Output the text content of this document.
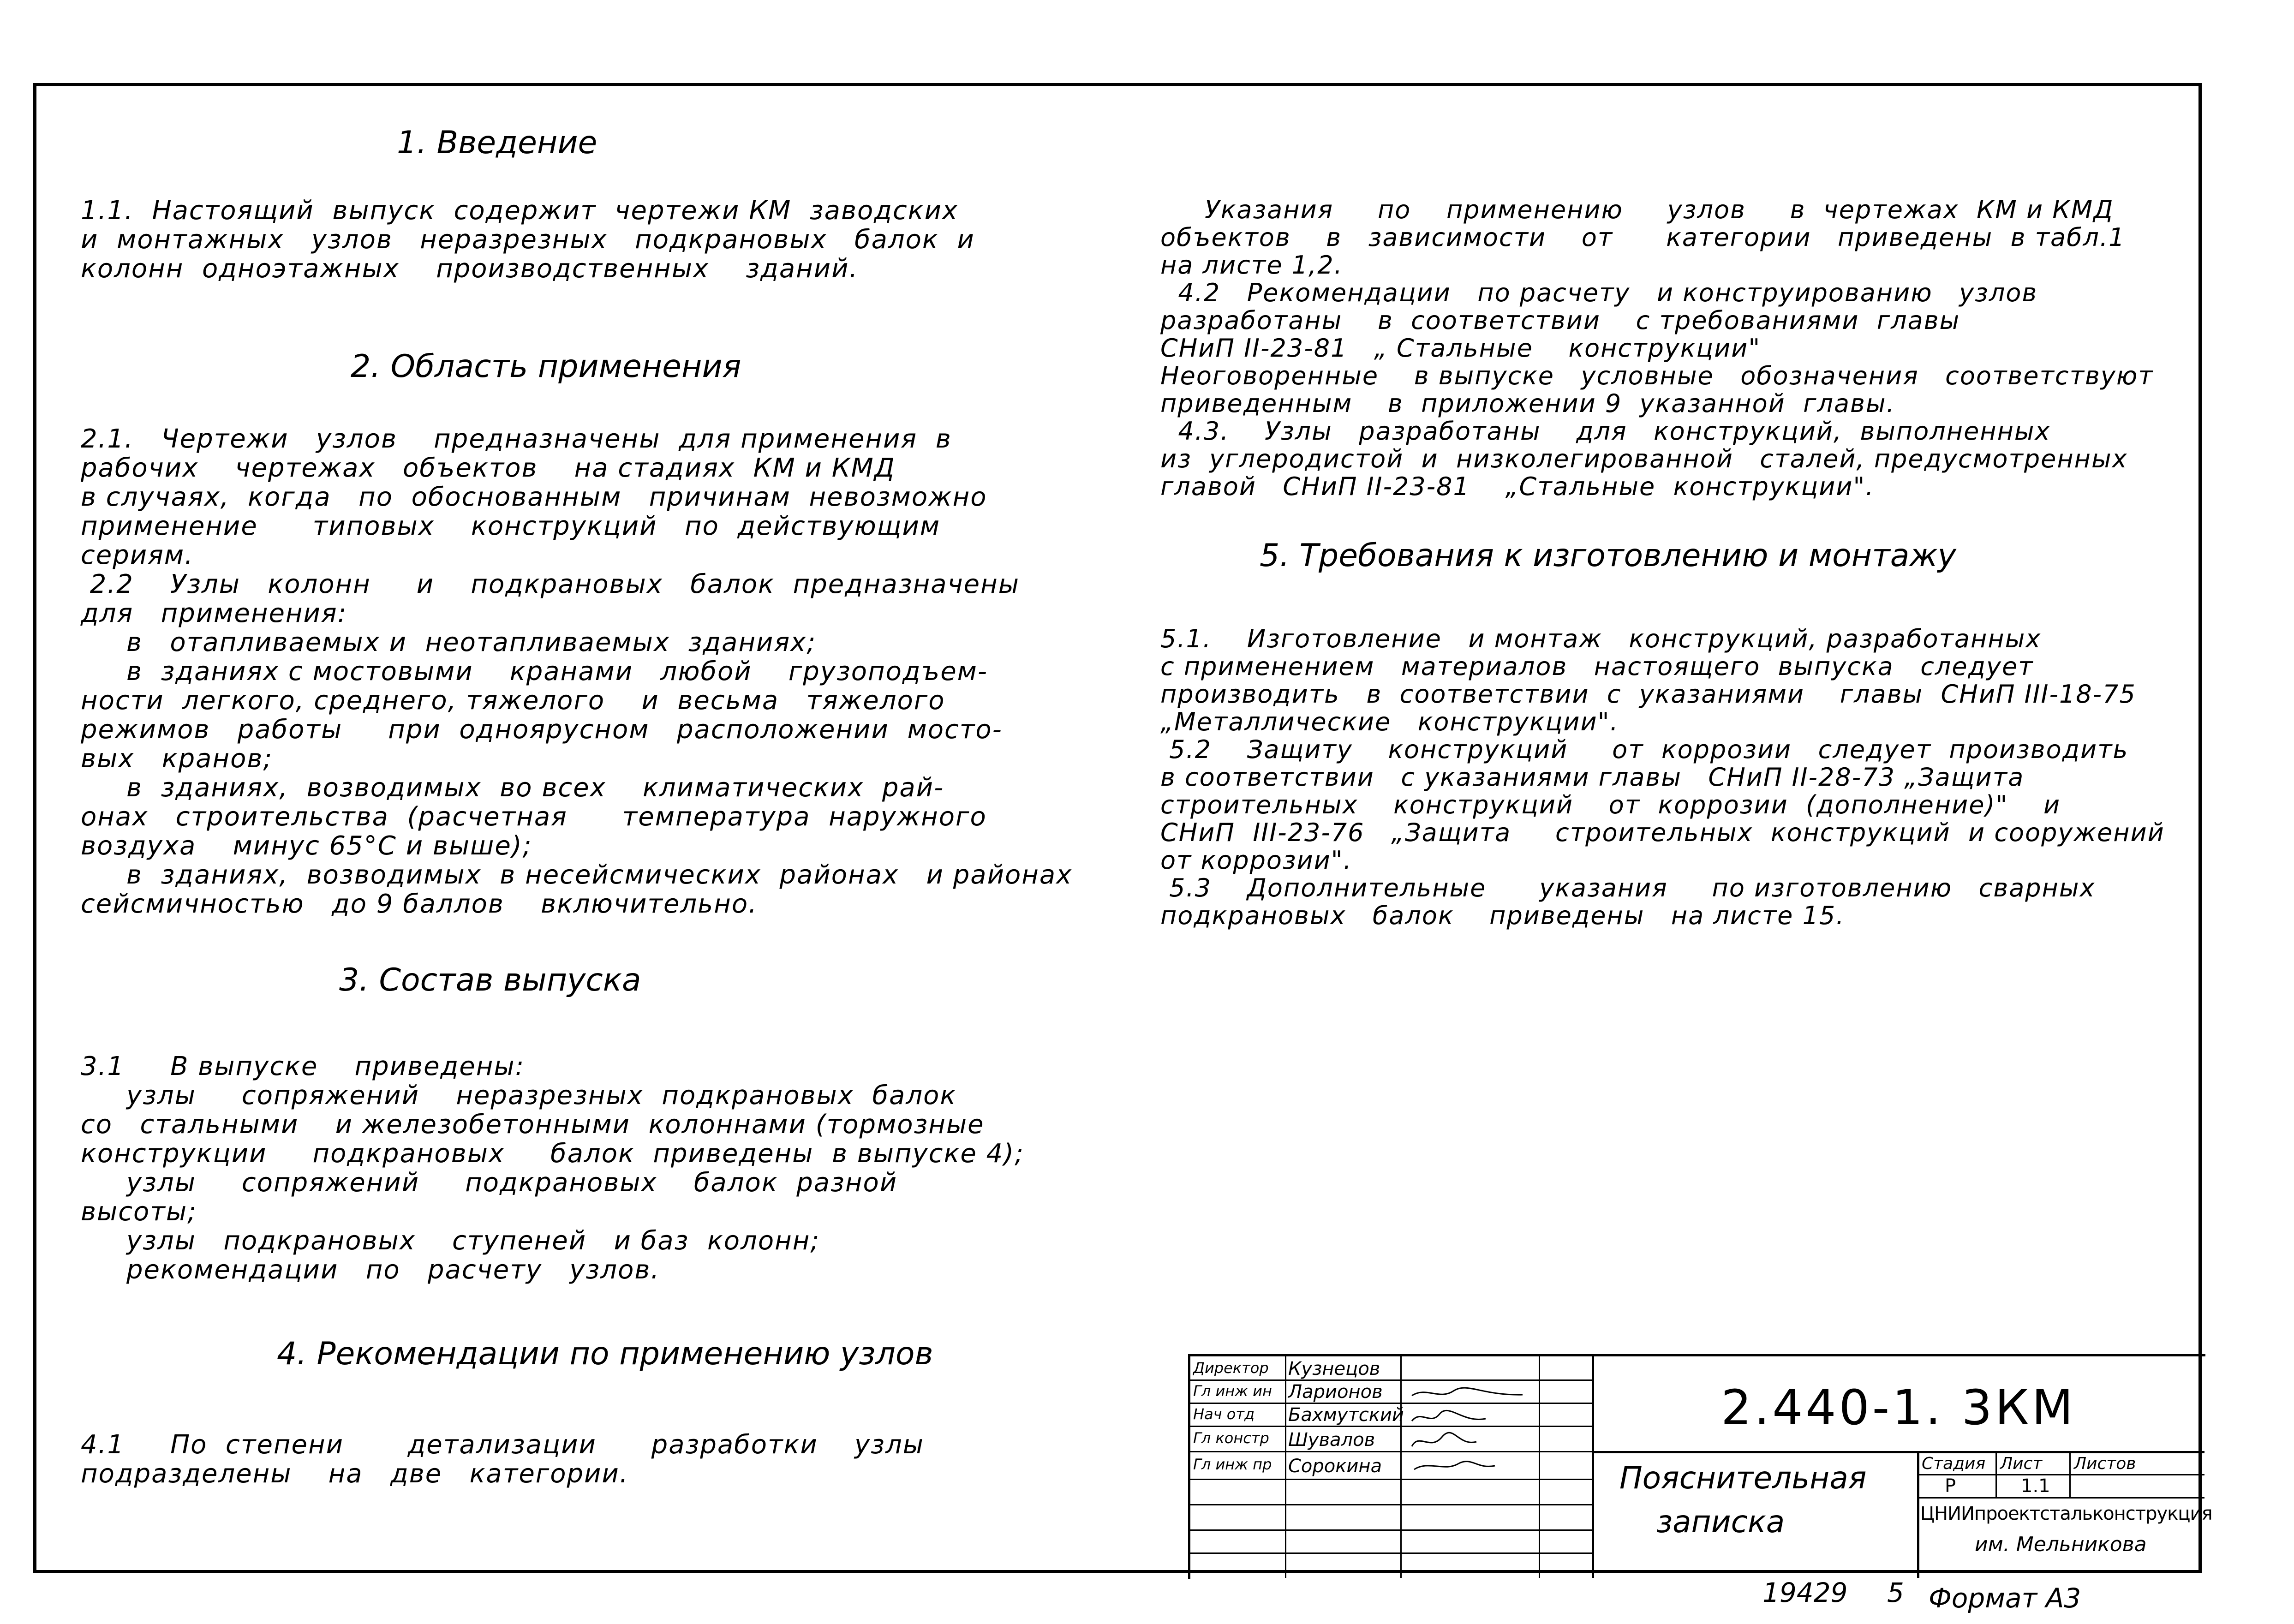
1. Введение
1.1.  Настоящий  выпуск  содержит  чертежи КМ  заводских
и  монтажных   узлов   неразрезных   подкрановых   балок  и
колонн  одноэтажных    производственных    зданий.
2. Область применения
2.1.   Чертежи   узлов    предназначены  для применения  в
рабочих    чертежах   объектов    на стадиях  КМ и КМД
в случаях,  когда   по  обоснованным   причинам  невозможно
применение      типовых    конструкций   по  действующим
сериям.
2.2    Узлы   колонн     и    подкрановых   балок  предназначены
для   применения:
в   отапливаемых и  неотапливаемых  зданиях;
в  зданиях с мостовыми    кранами   любой    грузоподъем-
ности  легкого, среднего, тяжелого    и  весьма   тяжелого
режимов   работы     при  одноярусном   расположении  мосто-
вых   кранов;
в  зданиях,  возводимых  во всех    климатических  рай-
онах   строительства  (расчетная      температура  наружного
воздуха    минус 65°С и выше);
в  зданиях,  возводимых  в несейсмических  районах   и районах
сейсмичностью   до 9 баллов    включительно.
3. Состав выпуска
3.1     В выпуске    приведены:
узлы     сопряжений    неразрезных  подкрановых  балок
со   стальными    и железобетонными  колоннами (тормозные
конструкции     подкрановых     балок  приведены  в выпуске 4);
узлы     сопряжений     подкрановых    балок  разной
высоты;
узлы   подкрановых    ступеней   и баз  колонн;
рекомендации   по   расчету   узлов.
4. Рекомендации по применению узлов
4.1     По  степени       детализации      разработки    узлы
подразделены    на   две   категории.
Указания     по    применению     узлов     в  чертежах  КМ и КМД
объектов    в   зависимости    от      категории   приведены  в табл.1
на листе 1,2.
4.2   Рекомендации   по расчету   и конструированию   узлов
разработаны    в  соответствии    с требованиями  главы
СНиП II-23-81   „ Стальные    конструкции"
Неоговоренные    в выпуске   условные   обозначения   соответствуют
приведенным    в  приложении 9  указанной  главы.
4.3.    Узлы   разработаны    для   конструкций,  выполненных
из  углеродистой  и  низколегированной   сталей, предусмотренных
главой   СНиП II-23-81    „Стальные  конструкции".
5. Требования к изготовлению и монтажу
5.1.    Изготовление   и монтаж   конструкций, разработанных
с применением   материалов   настоящего  выпуска   следует
производить   в  соответствии  с  указаниями    главы  СНиП III-18-75
„Металлические   конструкции".
5.2    Защиту    конструкций     от  коррозии   следует  производить
в соответствии   с указаниями главы   СНиП II-28-73 „Защита
строительных    конструкций    от  коррозии  (дополнение)"    и
СНиП  III-23-76   „Защита     строительных  конструкций  и сооружений
от коррозии".
5.3    Дополнительные      указания     по изготовлению   сварных
подкрановых   балок    приведены   на листе 15.
Директор
Гл инж ин
Нач отд
Гл констр
Гл инж пр
Кузнецов
Ларионов
Бахмутский
Шувалов
Сорокина
2.440-1. 3КМ
Пояснительная
записка
Стадия Лист Листов
Р	1.1
ЦНИИпроектстальконструкция
им. Мельникова
19429 5 Формат А3
